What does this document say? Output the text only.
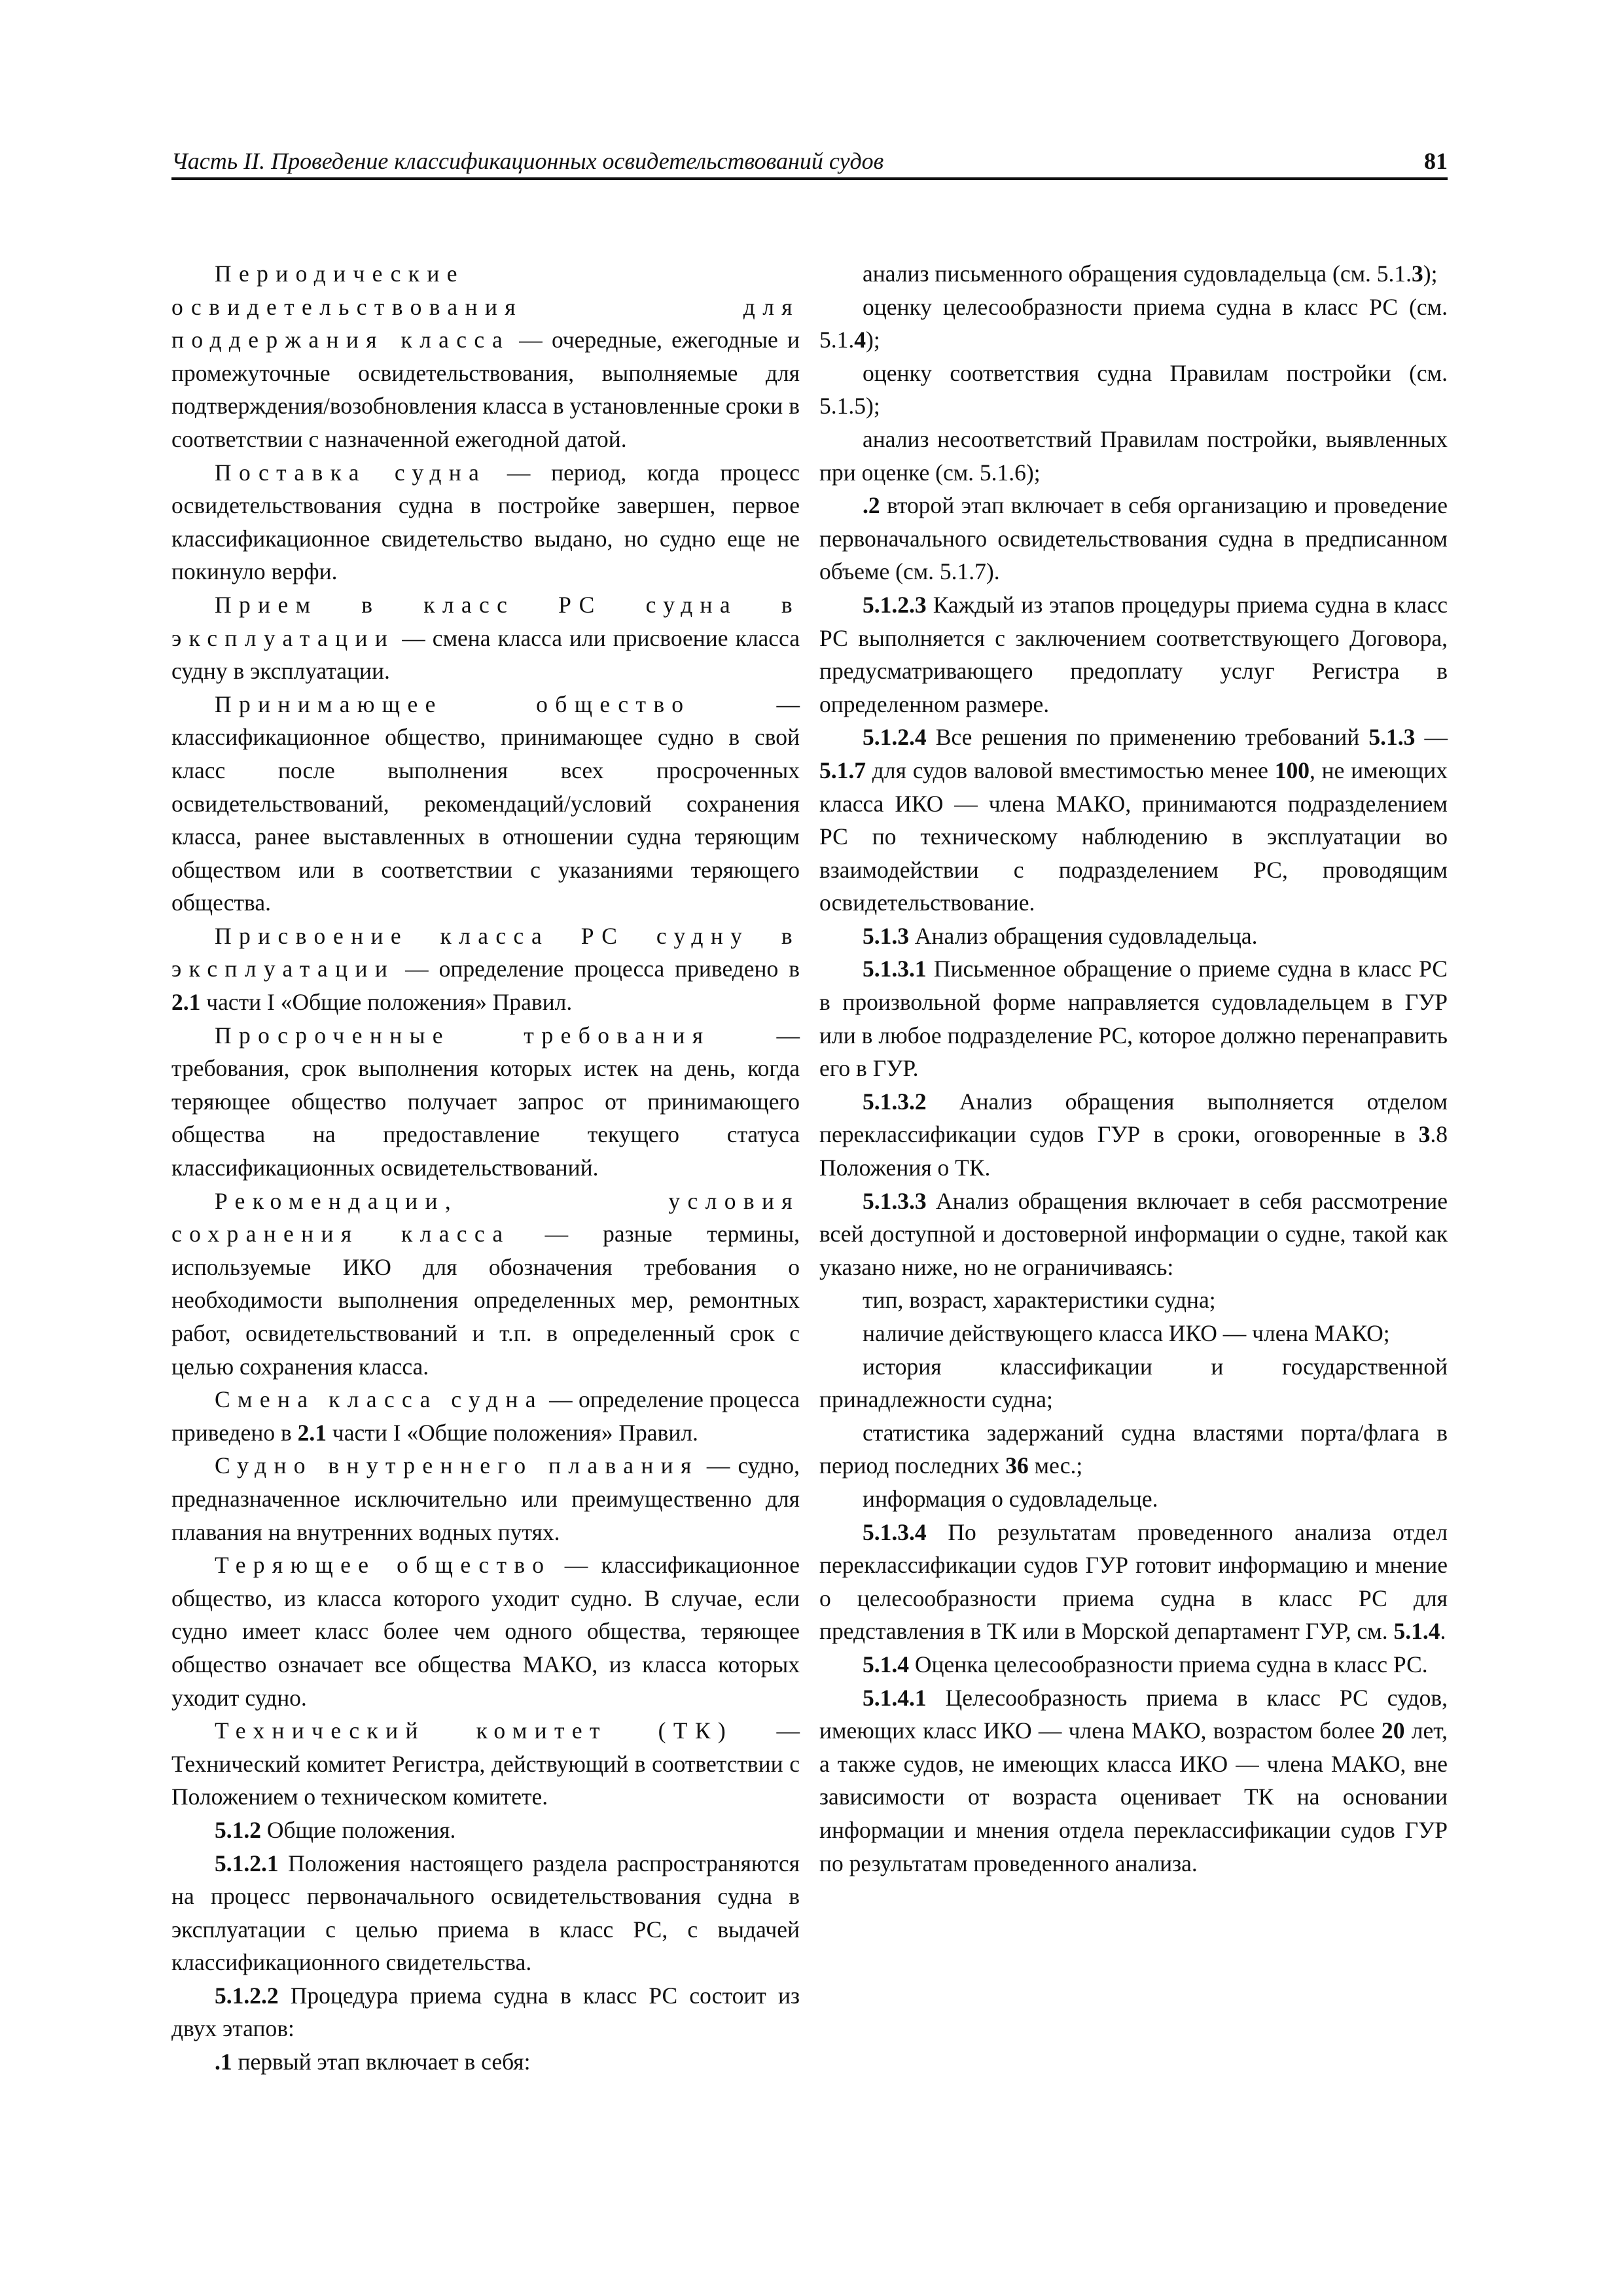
Часть II. Проведение классификационных освидетельствований судов	81

Периодические освидетельствования для поддержания класса — очередные, ежегодные и промежуточные освидетельствования, выполняемые для подтверждения/возобновления класса в установленные сроки в соответствии с назначенной ежегодной датой.

Поставка судна — период, когда процесс освидетельствования судна в постройке завершен, первое классификационное свидетельство выдано, но судно еще не покинуло верфи.

Прием в класс РС судна в эксплуатации — смена класса или присвоение класса судну в эксплуатации.

Принимающее общество — классификационное общество, принимающее судно в свой класс после выполнения всех просроченных освидетельствований, рекомендаций/условий сохранения класса, ранее выставленных в отношении судна теряющим обществом или в соответствии с указаниями теряющего общества.

Присвоение класса РС судну в эксплуатации — определение процесса приведено в 2.1 части I «Общие положения» Правил.

Просроченные требования — требования, срок выполнения которых истек на день, когда теряющее общество получает запрос от принимающего общества на предоставление текущего статуса классификационных освидетельствований.

Рекомендации, условия сохранения класса — разные термины, используемые ИКО для обозначения требования о необходимости выполнения определенных мер, ремонтных работ, освидетельствований и т.п. в определенный срок с целью сохранения класса.

Смена класса судна — определение процесса приведено в 2.1 части I «Общие положения» Правил.

Судно внутреннего плавания — судно, предназначенное исключительно или преимущественно для плавания на внутренних водных путях.

Теряющее общество — классификационное общество, из класса которого уходит судно. В случае, если судно имеет класс более чем одного общества, теряющее общество означает все общества МАКО, из класса которых уходит судно.

Технический комитет (ТК) — Технический комитет Регистра, действующий в соответствии с Положением о техническом комитете.

5.1.2 Общие положения.

5.1.2.1 Положения настоящего раздела распространяются на процесс первоначального освидетельствования судна в эксплуатации с целью приема в класс РС, с выдачей классификационного свидетельства.

5.1.2.2 Процедура приема судна в класс РС состоит из двух этапов:

.1 первый этап включает в себя:

анализ письменного обращения судовладельца (см. 5.1.3);

оценку целесообразности приема судна в класс РС (см. 5.1.4);

оценку соответствия судна Правилам постройки (см. 5.1.5);

анализ несоответствий Правилам постройки, выявленных при оценке (см. 5.1.6);

.2 второй этап включает в себя организацию и проведение первоначального освидетельствования судна в предписанном объеме (см. 5.1.7).

5.1.2.3 Каждый из этапов процедуры приема судна в класс РС выполняется с заключением соответствующего Договора, предусматривающего предоплату услуг Регистра в определенном размере.

5.1.2.4 Все решения по применению требований 5.1.3 — 5.1.7 для судов валовой вместимостью менее 100, не имеющих класса ИКО — члена МАКО, принимаются подразделением РС по техническому наблюдению в эксплуатации во взаимодействии с подразделением РС, проводящим освидетельствование.

5.1.3 Анализ обращения судовладельца.

5.1.3.1 Письменное обращение о приеме судна в класс РС в произвольной форме направляется судовладельцем в ГУР или в любое подразделение РС, которое должно перенаправить его в ГУР.

5.1.3.2 Анализ обращения выполняется отделом переклассификации судов ГУР в сроки, оговоренные в 3.8 Положения о ТК.

5.1.3.3 Анализ обращения включает в себя рассмотрение всей доступной и достоверной информации о судне, такой как указано ниже, но не ограничиваясь:

тип, возраст, характеристики судна;

наличие действующего класса ИКО — члена МАКО;

история классификации и государственной принадлежности судна;

статистика задержаний судна властями порта/флага в период последних 36 мес.;

информация о судовладельце.

5.1.3.4 По результатам проведенного анализа отдел переклассификации судов ГУР готовит информацию и мнение о целесообразности приема судна в класс РС для представления в ТК или в Морской департамент ГУР, см. 5.1.4.

5.1.4 Оценка целесообразности приема судна в класс РС.

5.1.4.1 Целесообразность приема в класс РС судов, имеющих класс ИКО — члена МАКО, возрастом более 20 лет, а также судов, не имеющих класса ИКО — члена МАКО, вне зависимости от возраста оценивает ТК на основании информации и мнения отдела переклассификации судов ГУР по результатам проведенного анализа.
